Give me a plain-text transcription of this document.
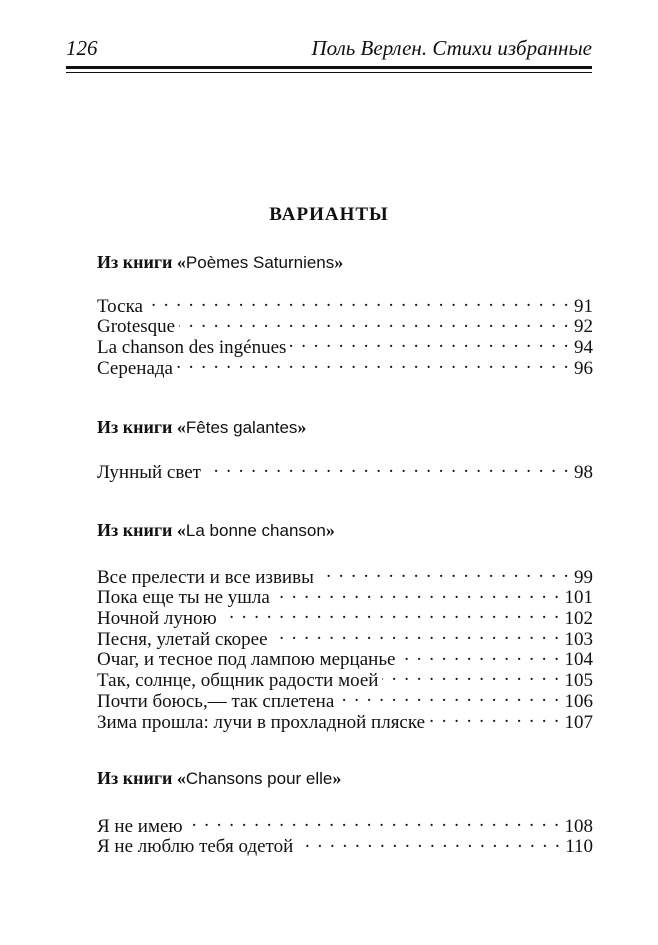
126	Поль Верлен. Стихи избранные
ВАРИАНТЫ
Из книги «Poèmes Saturniens»
Тоска . . .	91
Grotesque . . .	92
La chanson des ingénues . . .	94
Серенада . . .	96
Из книги «Fêtes galantes»
Лунный свет . . .	98
Из книги «La bonne chanson»
Все прелести и все извивы . . .	99
Пока еще ты не ушла . . .	101
Ночной луною . . .	102
Песня, улетай скорее . . .	103
Очаг, и тесное под лампою мерцанье . . .	104
Так, солнце, общник радости моей . . .	105
Почти боюсь,— так сплетена . . .	106
Зима прошла: лучи в прохладной пляске . . .	107
Из книги «Chansons pour elle»
Я не имею . . .	108
Я не люблю тебя одетой . . .	110
